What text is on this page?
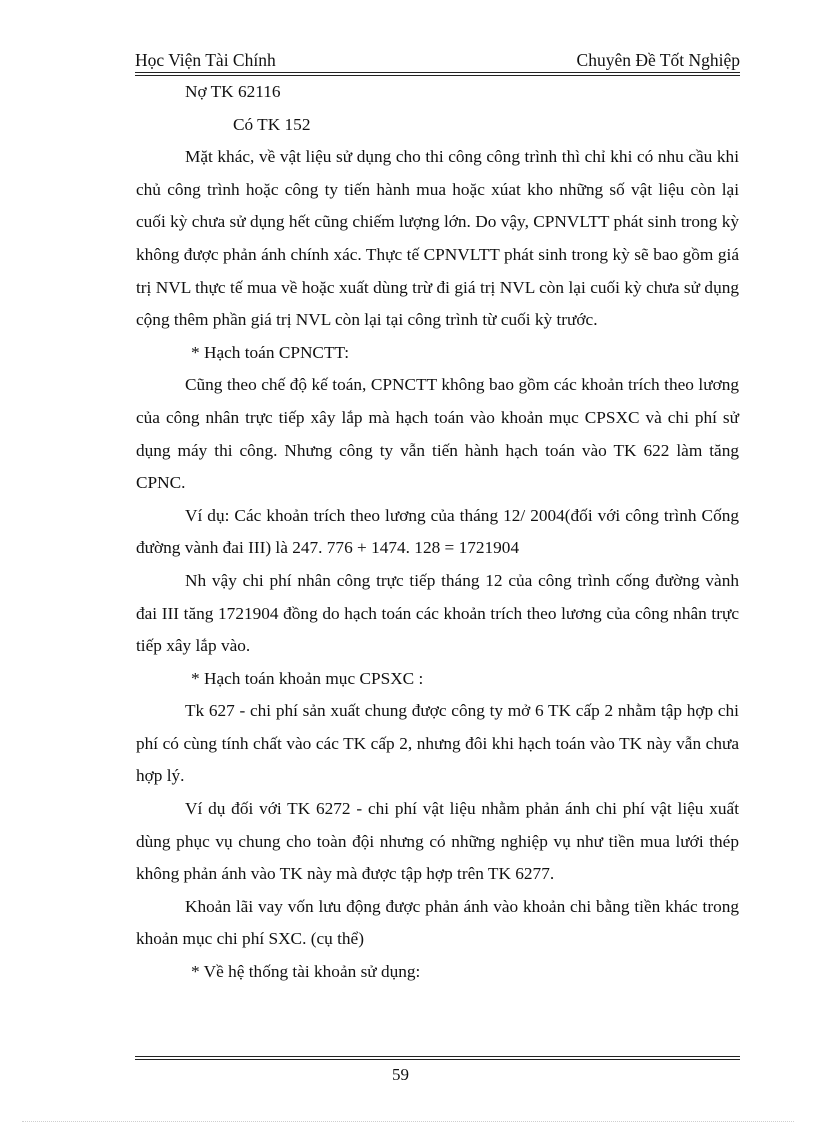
Học Viện Tài Chính	Chuyên Đề Tốt Nghiệp

Nợ TK 62116

Có TK 152

Mặt khác, về vật liệu sử dụng cho thi công công trình thì chỉ khi có nhu cầu khi chủ công trình hoặc công ty tiến hành mua hoặc xúat kho những số vật liệu còn lại cuối kỳ chưa sử dụng hết cũng chiếm lượng lớn. Do vậy, CPNVLTT phát sinh trong kỳ không được phản ánh chính xác. Thực tế CPNVLTT phát sinh trong kỳ sẽ bao gồm giá trị NVL thực tế mua về hoặc xuất dùng trừ đi giá trị NVL còn lại cuối kỳ chưa sử dụng cộng thêm phần giá trị NVL còn lại tại công trình từ cuối kỳ trước.

* Hạch toán CPNCTT:

Cũng theo chế độ kế toán, CPNCTT không bao gồm các khoản trích theo lương của công nhân trực tiếp xây lắp mà hạch toán vào khoản mục CPSXC và chi phí sử dụng máy thi công. Nhưng công ty vẫn tiến hành hạch toán vào TK 622 làm tăng CPNC.

Ví dụ: Các khoản trích theo lương của tháng 12/ 2004(đối với công trình Cống đường vành đai III) là 247. 776 + 1474. 128 = 1721904

Nh vậy chi phí nhân công trực tiếp tháng 12 của công trình cống đường vành đai III tăng 1721904 đồng do hạch toán các khoản trích theo lương của công nhân trực tiếp xây lắp vào.

* Hạch toán khoản mục CPSXC :

Tk 627 - chi phí sản xuất chung được công ty mở 6 TK cấp 2 nhằm tập hợp chi phí có cùng tính chất vào các TK cấp 2, nhưng đôi khi hạch toán vào TK này vẫn chưa hợp lý.

Ví dụ đối với TK 6272 - chi phí vật liệu nhằm phản ánh chi phí vật liệu xuất dùng phục vụ chung cho toàn đội nhưng có những nghiệp vụ như tiền mua lưới thép không phản ánh vào TK này mà được tập hợp trên TK 6277.

Khoản lãi vay vốn lưu động được phản ánh vào khoản chi bằng tiền khác trong khoản mục chi phí SXC. (cụ thể)

* Về hệ thống tài khoản sử dụng:

59
